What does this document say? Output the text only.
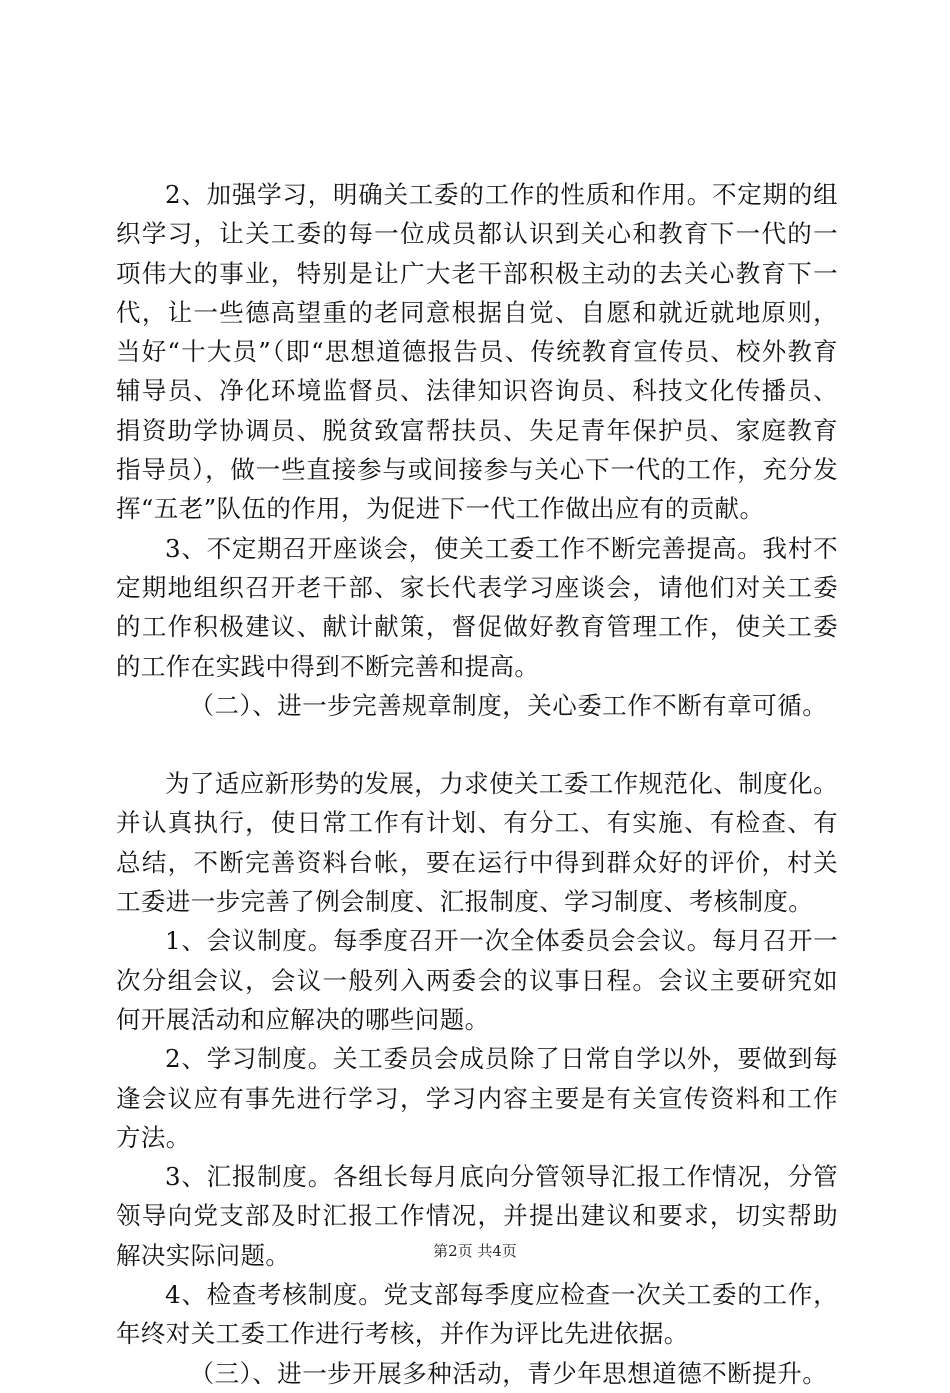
2、加强学习，明确关工委的工作的性质和作用。不定期的组织学习，让关工委的每一位成员都认识到关心和教育下一代的一项伟大的事业，特别是让广大老干部积极主动的去关心教育下一代，让一些德高望重的老同意根据自觉、自愿和就近就地原则，当好“十大员”（即“思想道德报告员、传统教育宣传员、校外教育辅导员、净化环境监督员、法律知识咨询员、科技文化传播员、捐资助学协调员、脱贫致富帮扶员、失足青年保护员、家庭教育指导员），做一些直接参与或间接参与关心下一代的工作，充分发挥“五老”队伍的作用，为促进下一代工作做出应有的贡献。

3、不定期召开座谈会，使关工委工作不断完善提高。我村不定期地组织召开老干部、家长代表学习座谈会，请他们对关工委的工作积极建议、献计献策，督促做好教育管理工作，使关工委的工作在实践中得到不断完善和提高。

（二）、进一步完善规章制度，关心委工作不断有章可循。

为了适应新形势的发展，力求使关工委工作规范化、制度化。并认真执行，使日常工作有计划、有分工、有实施、有检查、有总结，不断完善资料台帐，要在运行中得到群众好的评价，村关工委进一步完善了例会制度、汇报制度、学习制度、考核制度。

1、会议制度。每季度召开一次全体委员会会议。每月召开一次分组会议，会议一般列入两委会的议事日程。会议主要研究如何开展活动和应解决的哪些问题。

2、学习制度。关工委员会成员除了日常自学以外，要做到每逢会议应有事先进行学习，学习内容主要是有关宣传资料和工作方法。

3、汇报制度。各组长每月底向分管领导汇报工作情况，分管领导向党支部及时汇报工作情况，并提出建议和要求，切实帮助解决实际问题。

4、检查考核制度。党支部每季度应检查一次关工委的工作，年终对关工委工作进行考核，并作为评比先进依据。

（三）、进一步开展多种活动，青少年思想道德不断提升。

第2页 共4页
